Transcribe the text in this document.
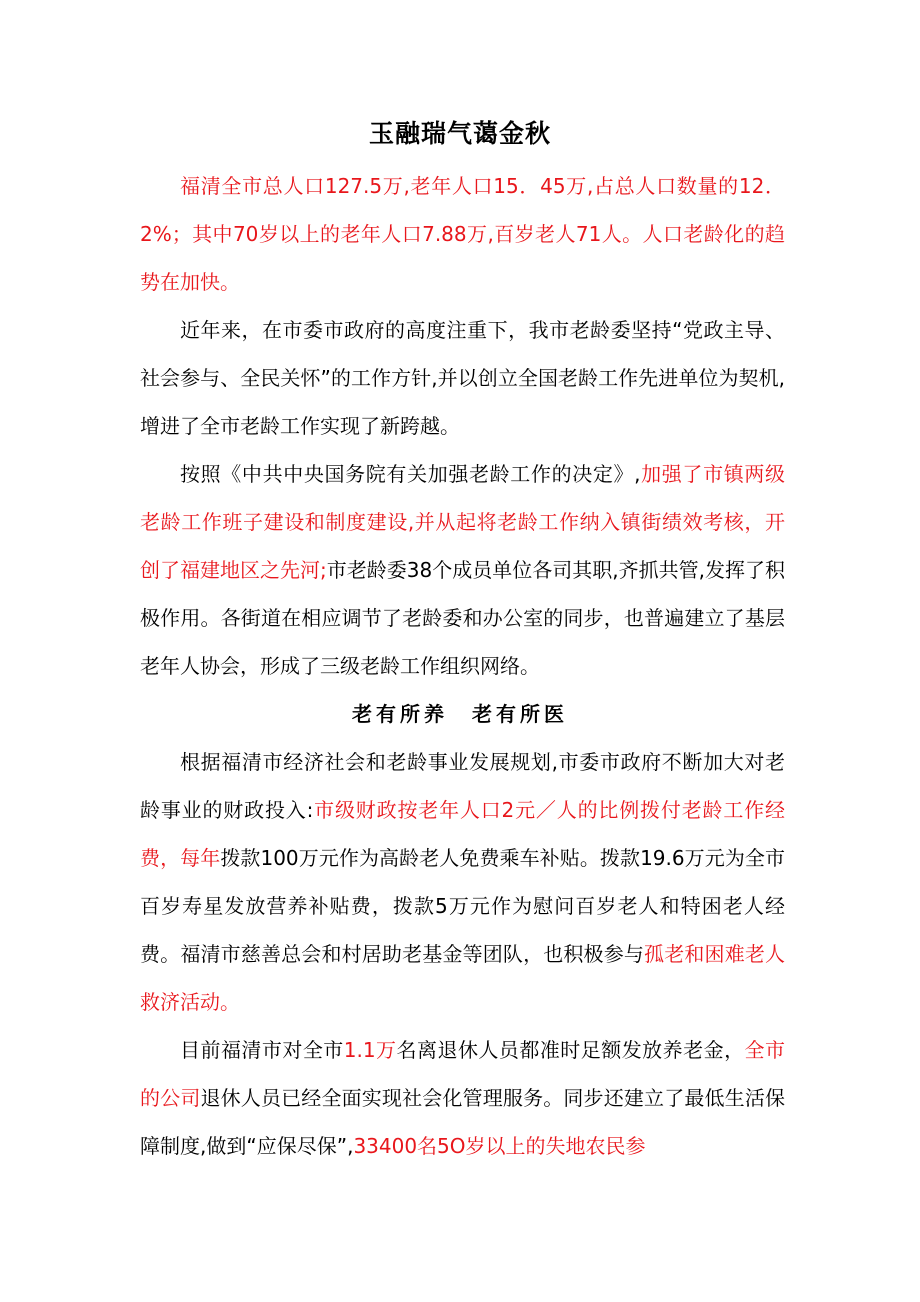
玉融瑞气蔼金秋

福清全市总人口127.5万,老年人口15．45万,占总人口数量的12．2%；其中70岁以上的老年人口7.88万,百岁老人71人。人口老龄化的趋势在加快。

近年来，在市委市政府的高度注重下，我市老龄委坚持“党政主导、社会参与、全民关怀”的工作方针,并以创立全国老龄工作先进单位为契机,增进了全市老龄工作实现了新跨越。

按照《中共中央国务院有关加强老龄工作的决定》,加强了市镇两级老龄工作班子建设和制度建设,并从起将老龄工作纳入镇街绩效考核，开创了福建地区之先河;市老龄委38个成员单位各司其职,齐抓共管,发挥了积极作用。各街道在相应调节了老龄委和办公室的同步，也普遍建立了基层老年人协会，形成了三级老龄工作组织网络。

老有所养　老有所医

根据福清市经济社会和老龄事业发展规划,市委市政府不断加大对老龄事业的财政投入:市级财政按老年人口2元／人的比例拨付老龄工作经费，每年拨款100万元作为高龄老人免费乘车补贴。拨款19.6万元为全市百岁寿星发放营养补贴费，拨款5万元作为慰问百岁老人和特困老人经费。福清市慈善总会和村居助老基金等团队，也积极参与孤老和困难老人救济活动。

目前福清市对全市1.1万名离退休人员都准时足额发放养老金，全市的公司退休人员已经全面实现社会化管理服务。同步还建立了最低生活保障制度,做到“应保尽保”,33400名5O岁以上的失地农民参
